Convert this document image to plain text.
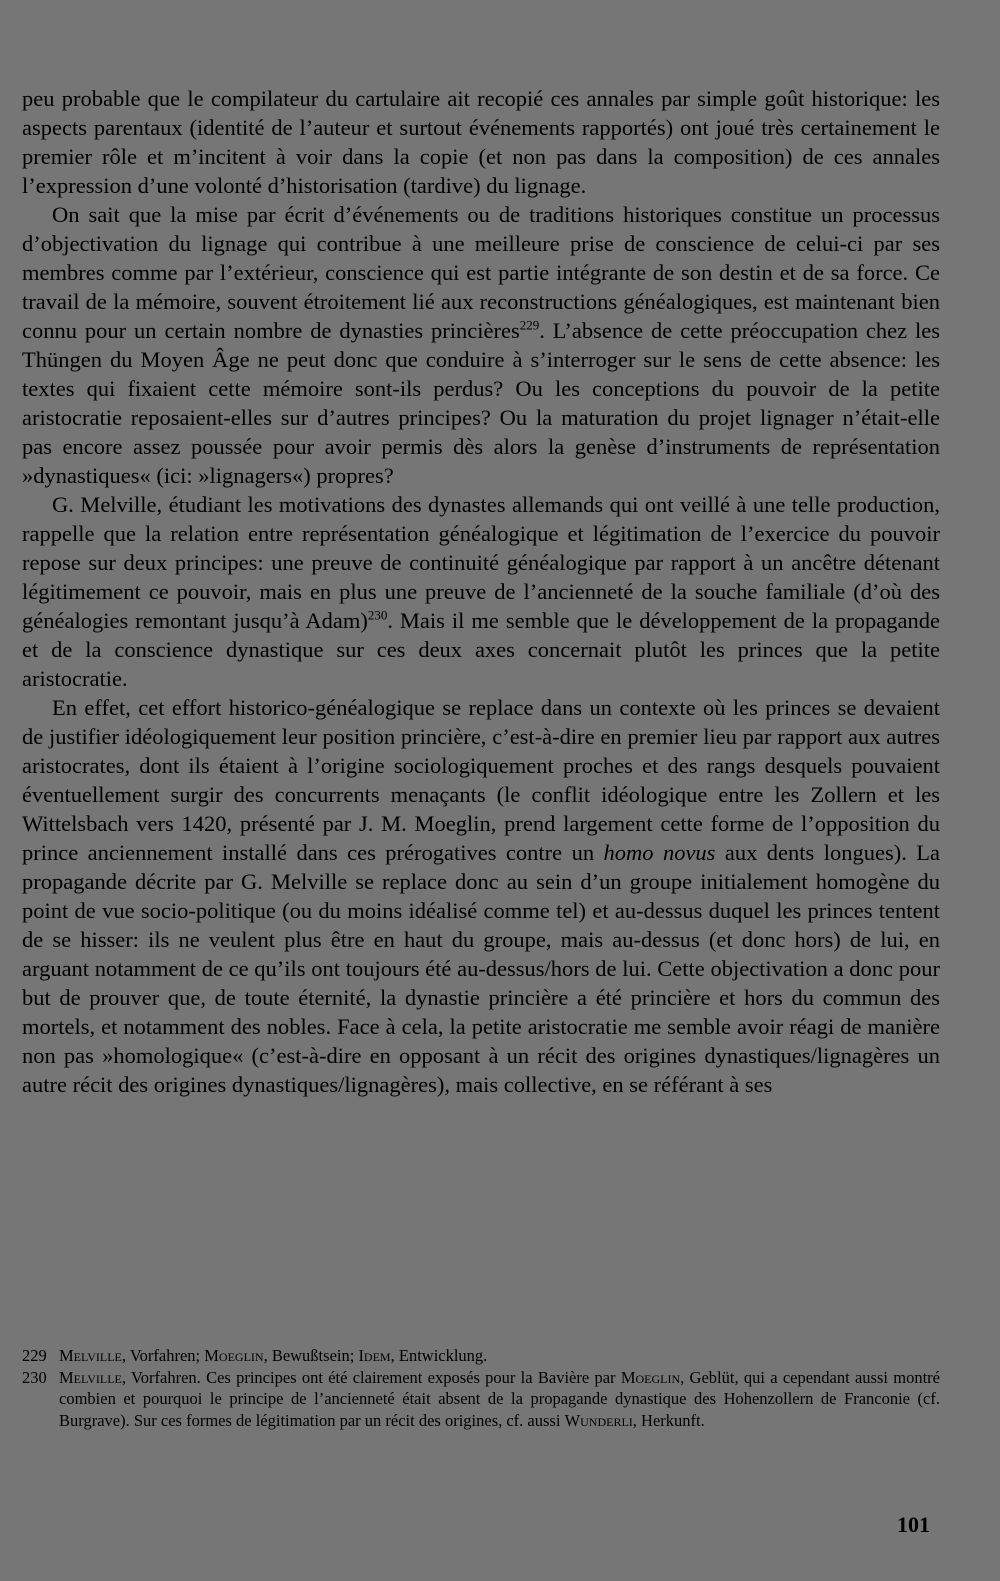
peu probable que le compilateur du cartulaire ait recopié ces annales par simple goût historique: les aspects parentaux (identité de l’auteur et surtout événements rapportés) ont joué très certainement le premier rôle et m’incitent à voir dans la copie (et non pas dans la composition) de ces annales l’expression d’une volonté d’historisation (tardive) du lignage.

On sait que la mise par écrit d’événements ou de traditions historiques constitue un processus d’objectivation du lignage qui contribue à une meilleure prise de conscience de celui-ci par ses membres comme par l’extérieur, conscience qui est partie intégrante de son destin et de sa force. Ce travail de la mémoire, souvent étroitement lié aux reconstructions généalogiques, est maintenant bien connu pour un certain nombre de dynasties princières$^{229}$. L’absence de cette préoccupation chez les Thüngen du Moyen Âge ne peut donc que conduire à s’interroger sur le sens de cette absence: les textes qui fixaient cette mémoire sont-ils perdus? Ou les conceptions du pouvoir de la petite aristocratie reposaient-elles sur d’autres principes? Ou la maturation du projet lignager n’était-elle pas encore assez poussée pour avoir permis dès alors la genèse d’instruments de représentation »dynastiques« (ici: »lignagers«) propres?

G. Melville, étudiant les motivations des dynastes allemands qui ont veillé à une telle production, rappelle que la relation entre représentation généalogique et légitimation de l’exercice du pouvoir repose sur deux principes: une preuve de continuité généalogique par rapport à un ancêtre détenant légitimement ce pouvoir, mais en plus une preuve de l’ancienneté de la souche familiale (d’où des généalogies remontant jusqu’à Adam)$^{230}$. Mais il me semble que le développement de la propagande et de la conscience dynastique sur ces deux axes concernait plutôt les princes que la petite aristocratie.

En effet, cet effort historico-généalogique se replace dans un contexte où les princes se devaient de justifier idéologiquement leur position princière, c’est-à-dire en premier lieu par rapport aux autres aristocrates, dont ils étaient à l’origine sociologiquement proches et des rangs desquels pouvaient éventuellement surgir des concurrents menaçants (le conflit idéologique entre les Zollern et les Wittelsbach vers 1420, présenté par J. M. Moeglin, prend largement cette forme de l’opposition du prince anciennement installé dans ces prérogatives contre un homo novus aux dents longues). La propagande décrite par G. Melville se replace donc au sein d’un groupe initialement homogène du point de vue socio-politique (ou du moins idéalisé comme tel) et au-dessus duquel les princes tentent de se hisser: ils ne veulent plus être en haut du groupe, mais au-dessus (et donc hors) de lui, en arguant notamment de ce qu’ils ont toujours été au-dessus/hors de lui. Cette objectivation a donc pour but de prouver que, de toute éternité, la dynastie princière a été princière et hors du commun des mortels, et notamment des nobles. Face à cela, la petite aristocratie me semble avoir réagi de manière non pas »homologique« (c’est-à-dire en opposant à un récit des origines dynastiques/lignagères un autre récit des origines dynastiques/lignagères), mais collective, en se référant à ses

229 Melville, Vorfahren; Moeglin, Bewußtsein; Idem, Entwicklung.

230 Melville, Vorfahren. Ces principes ont été clairement exposés pour la Bavière par Moeglin, Geblüt, qui a cependant aussi montré combien et pourquoi le principe de l’ancienneté était absent de la propagande dynastique des Hohenzollern de Franconie (cf. Burgrave). Sur ces formes de légitimation par un récit des origines, cf. aussi Wunderli, Herkunft.

101
